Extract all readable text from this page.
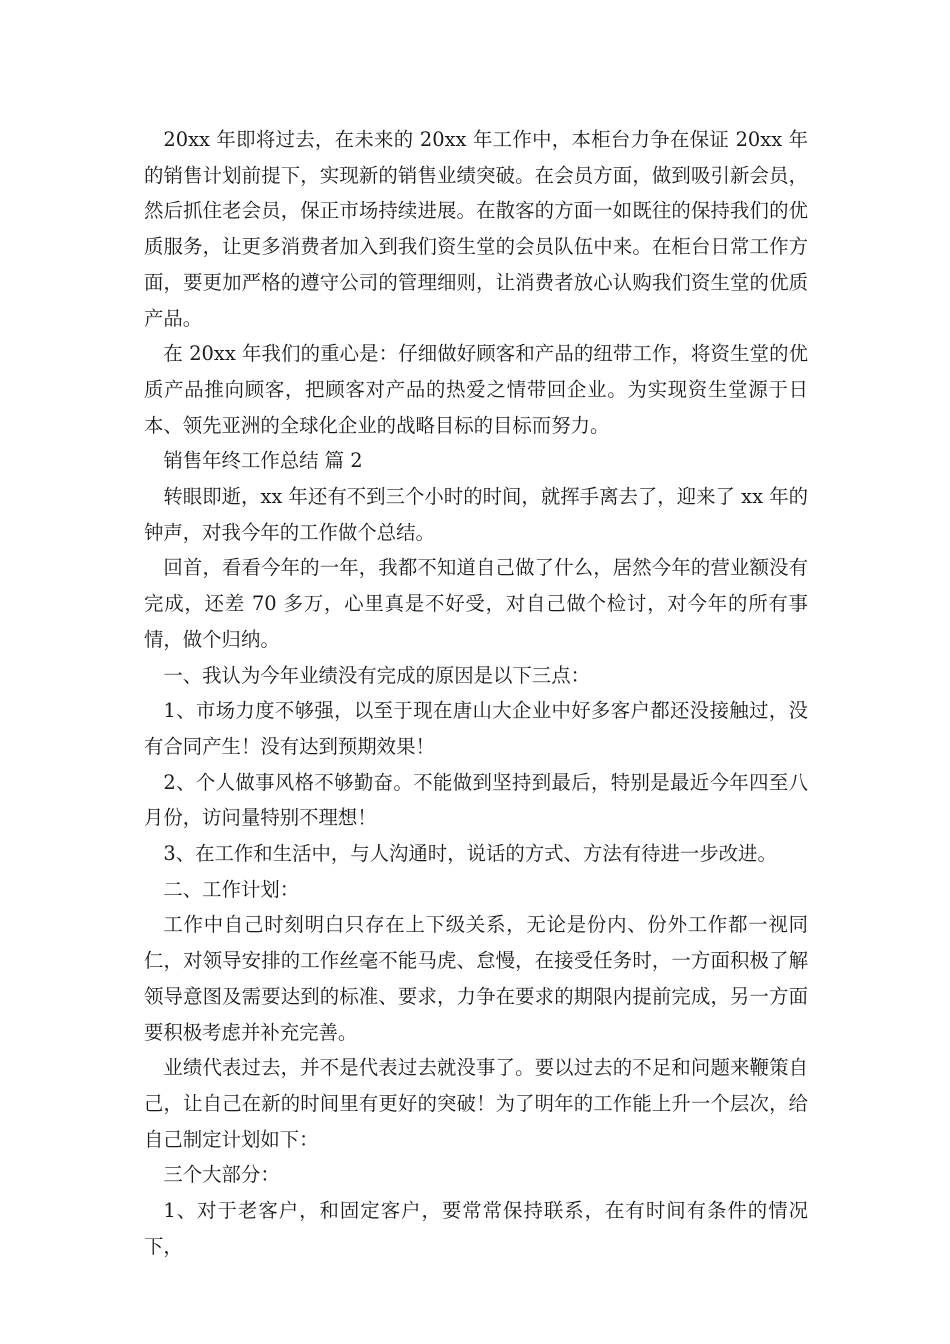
20xx 年即将过去，在未来的 20xx 年工作中，本柜台力争在保证 20xx 年的销售计划前提下，实现新的销售业绩突破。在会员方面，做到吸引新会员，然后抓住老会员，保正市场持续进展。在散客的方面一如既往的保持我们的优质服务，让更多消费者加入到我们资生堂的会员队伍中来。在柜台日常工作方面，要更加严格的遵守公司的管理细则，让消费者放心认购我们资生堂的优质产品。

在 20xx 年我们的重心是：仔细做好顾客和产品的纽带工作，将资生堂的优质产品推向顾客，把顾客对产品的热爱之情带回企业。为实现资生堂源于日本、领先亚洲的全球化企业的战略目标的目标而努力。

销售年终工作总结 篇 2

转眼即逝，xx 年还有不到三个小时的时间，就挥手离去了，迎来了 xx 年的钟声，对我今年的工作做个总结。

回首，看看今年的一年，我都不知道自己做了什么，居然今年的营业额没有完成，还差 70 多万，心里真是不好受，对自己做个检讨，对今年的所有事情，做个归纳。

一、我认为今年业绩没有完成的原因是以下三点：

1、市场力度不够强，以至于现在唐山大企业中好多客户都还没接触过，没有合同产生！没有达到预期效果！

2、个人做事风格不够勤奋。不能做到坚持到最后，特别是最近今年四至八月份，访问量特别不理想！

3、在工作和生活中，与人沟通时，说话的方式、方法有待进一步改进。

二、工作计划：

工作中自己时刻明白只存在上下级关系，无论是份内、份外工作都一视同仁，对领导安排的工作丝毫不能马虎、怠慢，在接受任务时，一方面积极了解领导意图及需要达到的标准、要求，力争在要求的期限内提前完成，另一方面要积极考虑并补充完善。

业绩代表过去，并不是代表过去就没事了。要以过去的不足和问题来鞭策自己，让自己在新的时间里有更好的突破！为了明年的工作能上升一个层次，给自己制定计划如下：

三个大部分：

1、对于老客户，和固定客户，要常常保持联系，在有时间有条件的情况下，
